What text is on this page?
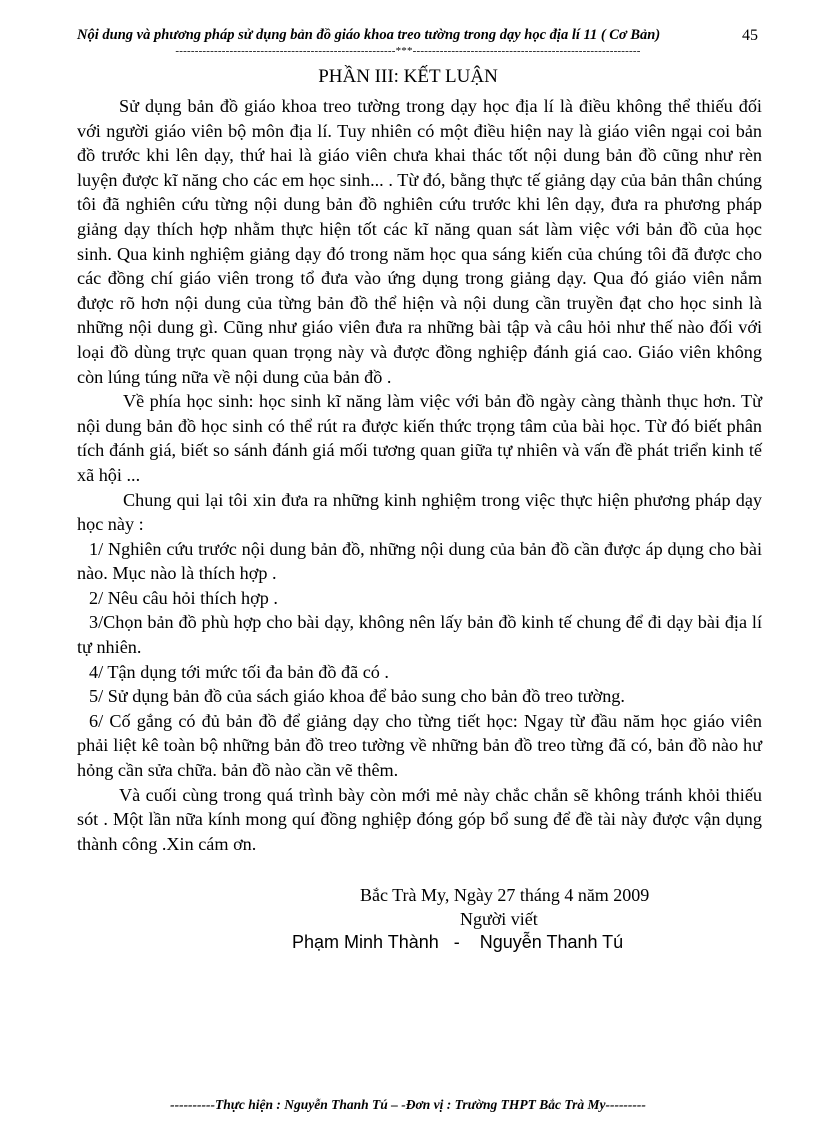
Nội dung và phương pháp sử dụng bản đồ giáo khoa treo tường trong dạy học địa lí 11 ( Cơ Bản)	45
---------------------------------------------------------***-----------------------------------------------------------
PHẦN III: KẾT LUẬN

Sử dụng bản đồ giáo khoa treo tường trong dạy học địa lí là điều không thể thiếu đối với người giáo viên bộ môn địa lí. Tuy nhiên có một điều hiện nay là giáo viên ngại coi bản đồ trước khi lên dạy, thứ hai là giáo viên chưa khai thác tốt nội dung bản đồ cũng như rèn luyện được kĩ năng cho các em học sinh... . Từ đó, bằng thực tế giảng dạy của bản thân chúng tôi đã nghiên cứu từng nội dung bản đồ nghiên cứu trước khi lên dạy, đưa ra phương pháp giảng dạy thích hợp nhằm thực hiện tốt các kĩ năng quan sát làm việc với bản đồ của học sinh. Qua kinh nghiệm giảng dạy đó trong năm học qua sáng kiến của chúng tôi đã được cho các đồng chí giáo viên trong tổ đưa vào ứng dụng trong giảng dạy. Qua đó giáo viên nắm được rõ hơn nội dung của từng bản đồ thể hiện và nội dung cần truyền đạt cho học sinh là những nội dung gì. Cũng như giáo viên đưa ra những bài tập và câu hỏi như thế nào đối với loại đồ dùng trực quan quan trọng này và được đồng nghiệp đánh giá cao. Giáo viên không còn lúng túng nữa về nội dung của bản đồ .

Về phía học sinh: học sinh kĩ năng làm việc với bản đồ ngày càng thành thục hơn. Từ nội dung bản đồ học sinh có thể rút ra được kiến thức trọng tâm của bài học. Từ đó biết phân tích đánh giá, biết so sánh đánh giá mối tương quan giữa tự nhiên và vấn đề phát triển kinh tế xã hội ...

Chung qui lại tôi xin đưa ra những kinh nghiệm trong việc thực hiện phương pháp dạy học này :

1/ Nghiên cứu trước nội dung bản đồ, những nội dung của bản đồ cần được áp dụng cho bài nào. Mục nào là thích hợp .

2/ Nêu câu hỏi thích hợp .

3/Chọn bản đồ phù hợp cho bài dạy, không nên lấy bản đồ kinh tế chung để đi dạy bài địa lí tự nhiên.

4/ Tận dụng tới mức tối đa bản đồ đã có .

5/ Sử dụng bản đồ của sách giáo khoa để bảo sung cho bản đồ treo tường.

6/ Cố gắng có đủ bản đồ để giảng dạy cho từng tiết học: Ngay từ đầu năm học giáo viên phải liệt kê toàn bộ những bản đồ treo tường về những bản đồ treo từng đã có, bản đồ nào hư hỏng cần sửa chữa. bản đồ nào cần vẽ thêm.

Và cuối cùng trong quá trình bày còn mới mẻ này chắc chắn sẽ không tránh khỏi thiếu sót . Một lần nữa kính mong quí đồng nghiệp đóng góp bổ sung để đề tài này được vận dụng thành công .Xin cám ơn.

Bắc Trà My, Ngày 27 tháng 4 năm 2009
Người viết
Phạm Minh Thành   -    Nguyễn Thanh Tú
----------Thực hiện : Nguyễn Thanh Tú – -Đơn vị : Trường THPT Bắc Trà My---------
